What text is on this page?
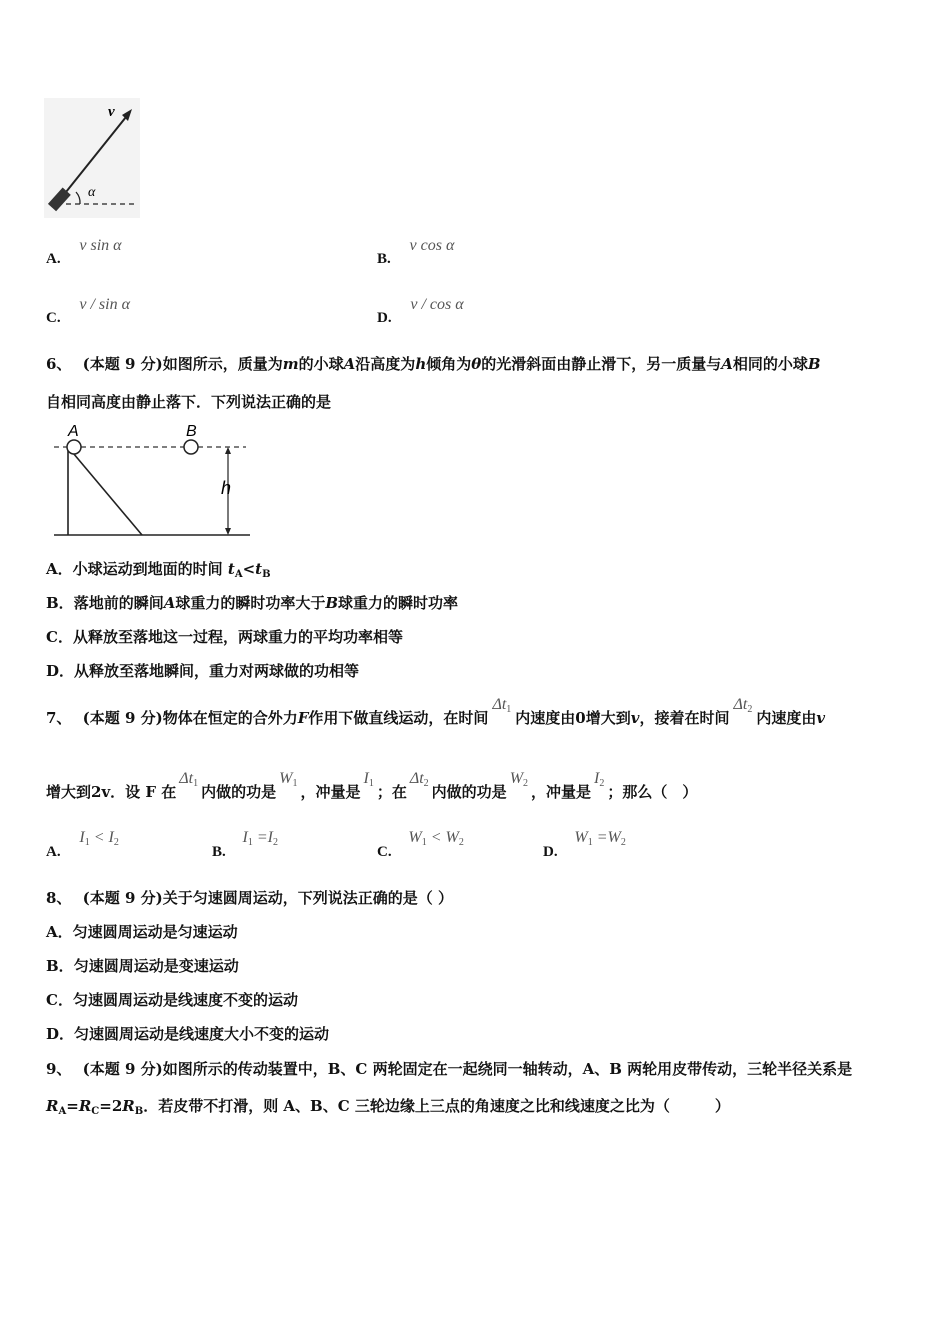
v
α
A. v sin α
B. v cos α
C. v / sin α
D. v / cos α
6、 (本题 9 分)如图所示，质量为m的小球A沿高度为h倾角为θ的光滑斜面由静止滑下，另一质量与A相同的小球B
自相同高度由静止落下．下列说法正确的是
A	B
h
A．小球运动到地面的时间 $t_A<t_B$
B．落地前的瞬间A球重力的瞬时功率大于B球重力的瞬时功率
C．从释放至落地这一过程，两球重力的平均功率相等
D．从释放至落地瞬间，重力对两球做的功相等
7、 (本题 9 分)物体在恒定的合外力F作用下做直线运动，在时间$\Delta t_1$ 内速度由0增大到v，接着在时间$\Delta t_2$ 内速度由v
增大到2v．设 F 在$\Delta t_1$ 内做的功是$W_1$ ，冲量是$I_1$ ；在$\Delta t_2$ 内做的功是$W_2$ ，冲量是$I_2$ ；那么（　）
A. $I_1 < I_2$
B. $I_1 =I_2$
C. $W_1 < W_2$
D. $W_1 =W_2$
8、 (本题 9 分)关于匀速圆周运动，下列说法正确的是（ ）
A．匀速圆周运动是匀速运动
B．匀速圆周运动是变速运动
C．匀速圆周运动是线速度不变的运动
D．匀速圆周运动是线速度大小不变的运动
9、 (本题 9 分)如图所示的传动装置中，B、C 两轮固定在一起绕同一轴转动，A、B 两轮用皮带传动，三轮半径关系是
$R_A=R_C=2R_B$．若皮带不打滑，则 A、B、C 三轮边缘上三点的角速度之比和线速度之比为（　　　）
